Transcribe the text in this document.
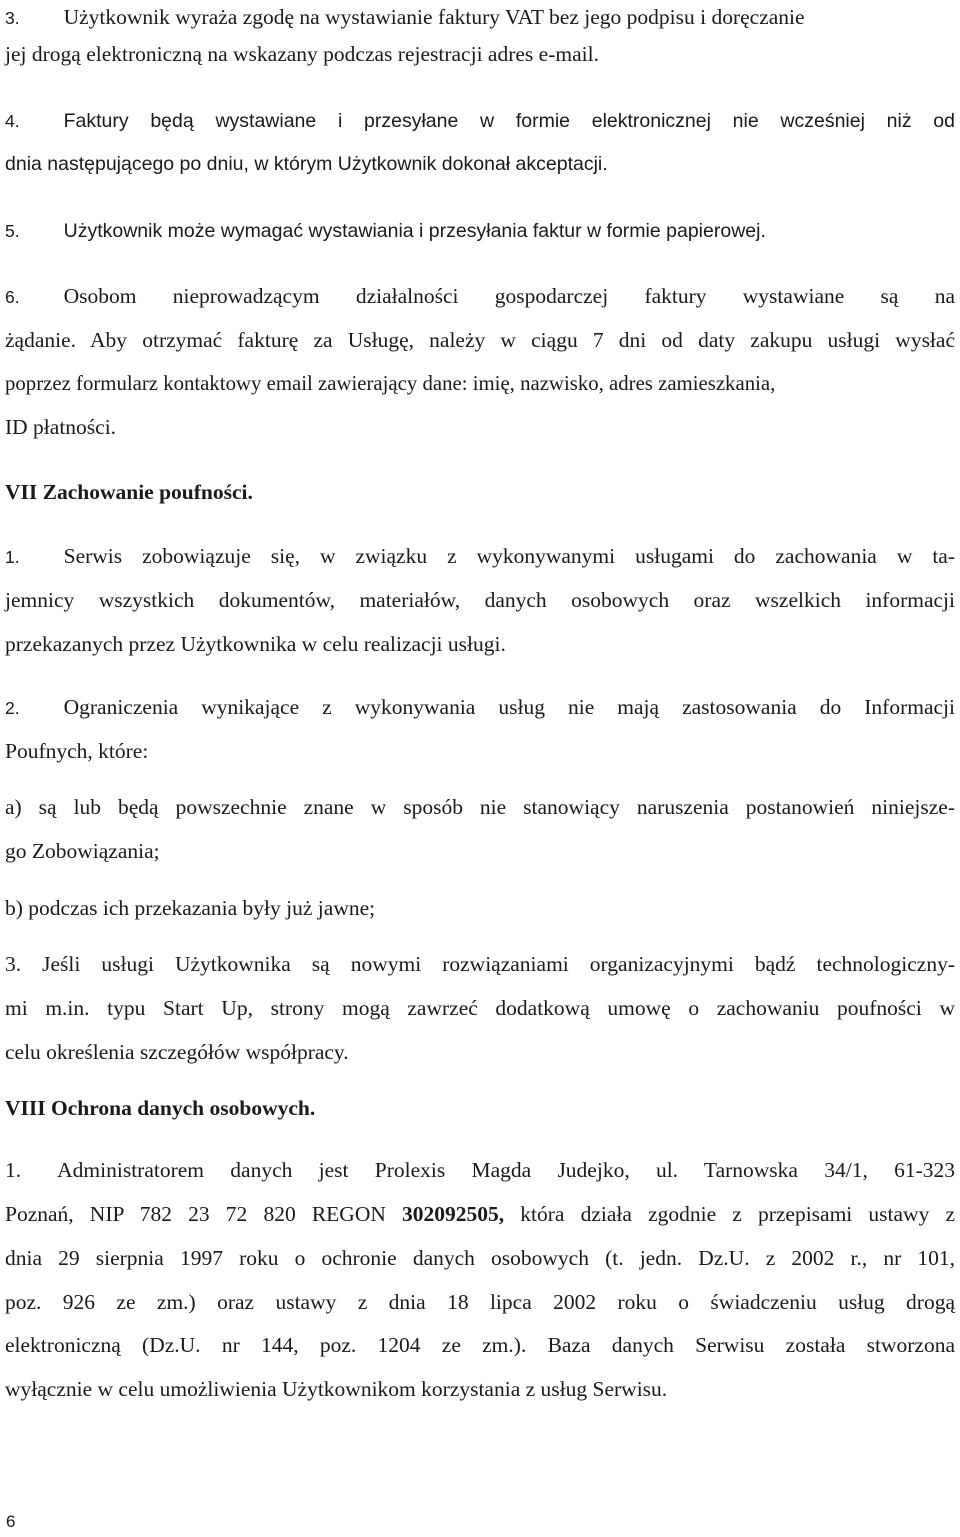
3. Użytkownik wyraża zgodę na wystawianie faktury VAT bez jego podpisu i doręczanie
jej drogą elektroniczną na wskazany podczas rejestracji adres e-mail.
4. Faktury będą wystawiane i przesyłane w formie elektronicznej nie wcześniej niż od
dnia następującego po dniu, w którym Użytkownik dokonał akceptacji.
5. Użytkownik może wymagać wystawiania i przesyłania faktur w formie papierowej.
6. Osobom nieprowadzącym działalności gospodarczej faktury wystawiane są na
żądanie. Aby otrzymać fakturę za Usługę, należy w ciągu 7 dni od daty zakupu usługi wysłać
poprzez formularz kontaktowy email zawierający dane: imię, nazwisko, adres zamieszkania,
ID płatności.
VII Zachowanie poufności.
1. Serwis zobowiązuje się, w związku z wykonywanymi usługami do zachowania w ta-
jemnicy wszystkich dokumentów, materiałów, danych osobowych oraz wszelkich informacji
przekazanych przez Użytkownika w celu realizacji usługi.
2. Ograniczenia wynikające z wykonywania usług nie mają zastosowania do Informacji
Poufnych, które:
a) są lub będą powszechnie znane w sposób nie stanowiący naruszenia postanowień niniejsze-
go Zobowiązania;
b) podczas ich przekazania były już jawne;
3. Jeśli usługi Użytkownika są nowymi rozwiązaniami organizacyjnymi bądź technologiczny-
mi m.in. typu Start Up, strony mogą zawrzeć dodatkową umowę o zachowaniu poufności w
celu określenia szczegółów współpracy.
VIII Ochrona danych osobowych.
1. Administratorem danych jest Prolexis Magda Judejko, ul. Tarnowska 34/1, 61-323
Poznań, NIP 782 23 72 820 REGON 302092505, która działa zgodnie z przepisami ustawy z
dnia 29 sierpnia 1997 roku o ochronie danych osobowych (t. jedn. Dz.U. z 2002 r., nr 101,
poz. 926 ze zm.) oraz ustawy z dnia 18 lipca 2002 roku o świadczeniu usług drogą
elektroniczną (Dz.U. nr 144, poz. 1204 ze zm.). Baza danych Serwisu została stworzona
wyłącznie w celu umożliwienia Użytkownikom korzystania z usług Serwisu.
6
